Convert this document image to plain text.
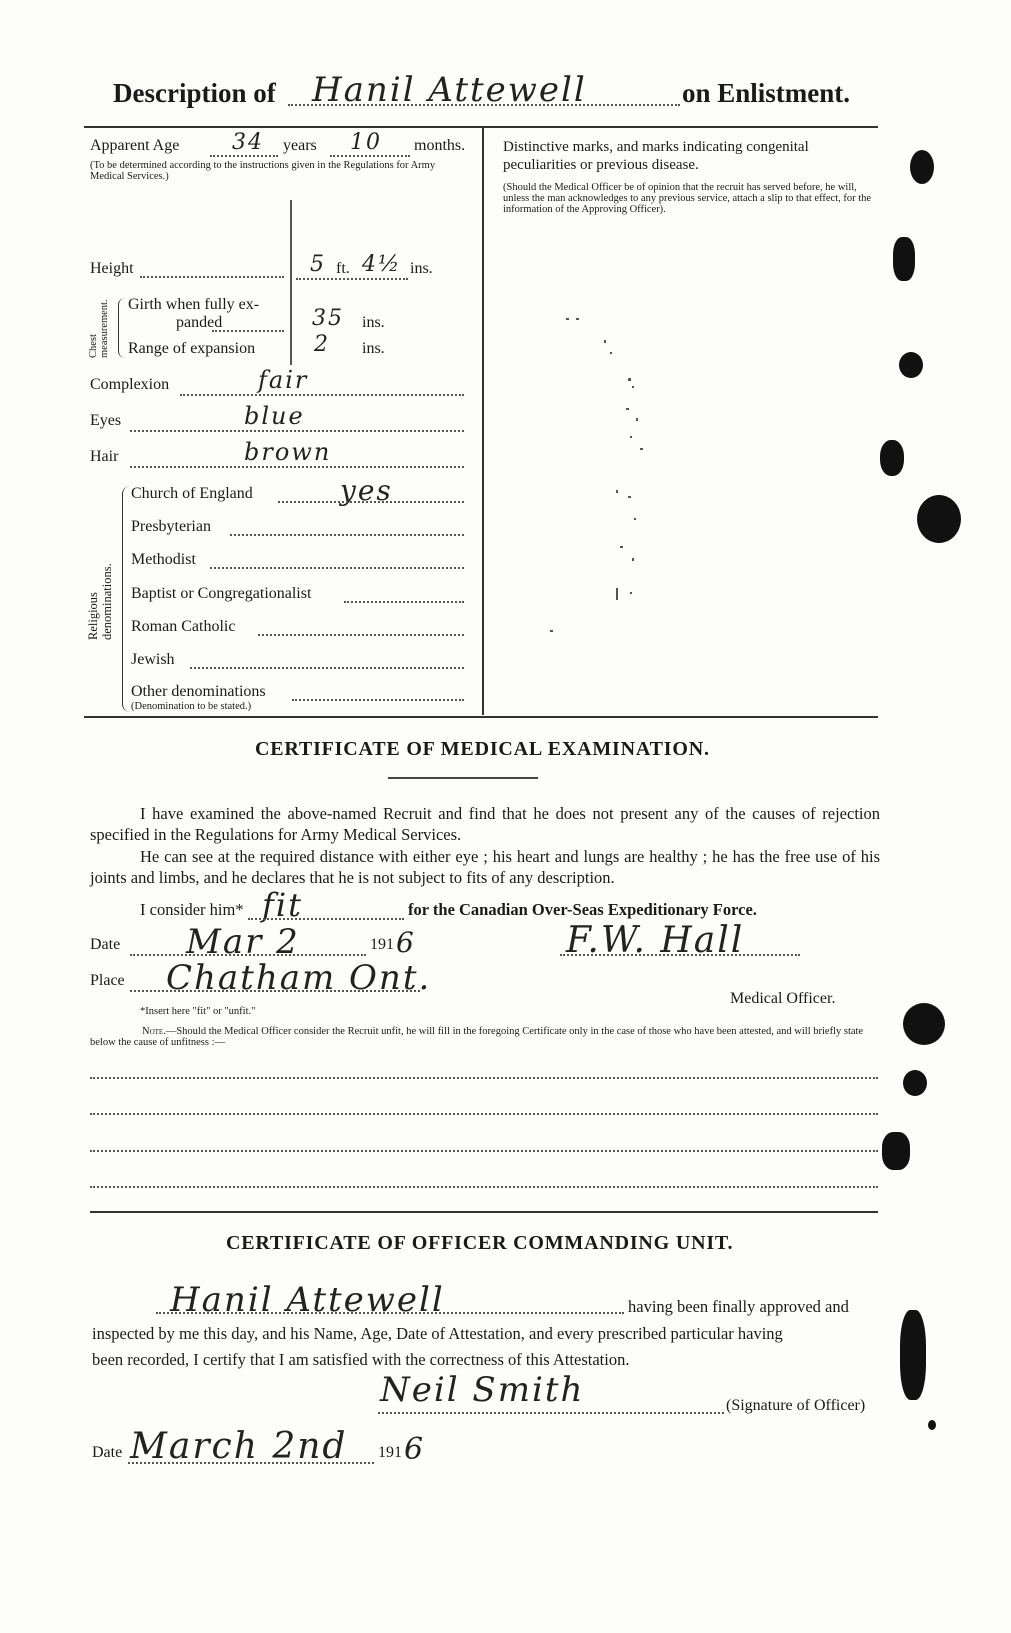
Description of Hanil Attewell	on Enlistment.
Apparent Age 34 years 10 months.
(To be determined according to the instructions given in the Regulations for Army Medical Services.)
Height	5 ft. 4½ ins.
Chest measurement. Girth when fully ex-
panded	35 ins.
Range of expansion	2 ins.
Complexion	fair
Eyes	blue
Hair	brown
Religious denominations.
Church of England	yes
Presbyterian
Methodist
Baptist or Congregationalist
Roman Catholic
Jewish
Other denominations
(Denomination to be stated.)
Distinctive marks, and marks indicating congenital peculiarities or previous disease.
(Should the Medical Officer be of opinion that the recruit has served before, he will, unless the man acknowledges to any previous service, attach a slip to that effect, for the information of the Approving Officer).
CERTIFICATE OF MEDICAL EXAMINATION.
I have examined the above-named Recruit and find that he does not present any of the causes of rejection specified in the Regulations for Army Medical Services.
He can see at the required distance with either eye ; his heart and lungs are healthy ; he has the free use of his joints and limbs, and he declares that he is not subject to fits of any description.
I consider him* fit	for the Canadian Over-Seas Expeditionary Force.
Date Mar 2	191 6	F.W. Hall
Place Chatham Ont.
Medical Officer.
*Insert here "fit" or "unfit."
Note.—Should the Medical Officer consider the Recruit unfit, he will fill in the foregoing Certificate only in the case of those who have been attested, and will briefly state below the cause of unfitness :—
CERTIFICATE OF OFFICER COMMANDING UNIT.
Hanil Attewell	having been finally approved and
inspected by me this day, and his Name, Age, Date of Attestation, and every prescribed particular having
been recorded, I certify that I am satisfied with the correctness of this Attestation.
Neil Smith	(Signature of Officer)
Date March 2nd 191 6
